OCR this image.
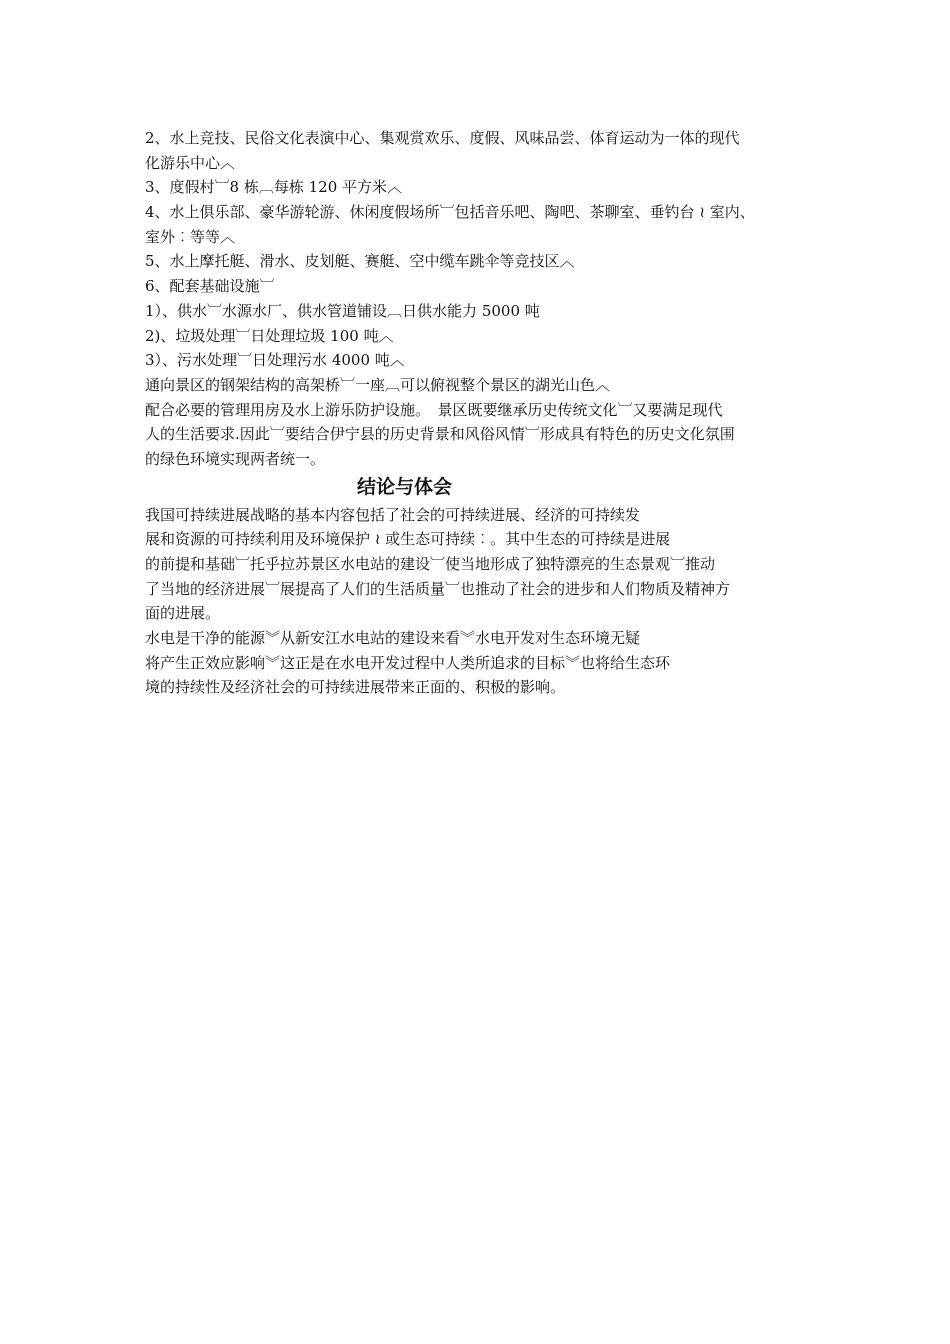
2、水上竞技、民俗文化表演中心、集观赏欢乐、度假、风味品尝、体育运动为一体的现代
化游乐中心︿
3、度假村︺8 栋︹每栋 120 平方米︿
4、水上俱乐部、豪华游轮游、休闲度假场所︺包括音乐吧、陶吧、茶聊室、垂钓台 ≀ 室内、
室外︰等等︿
5、水上摩托艇、滑水、皮划艇、赛艇、空中缆车跳伞等竞技区︿
6、配套基础设施︺
1）、供水︺水源水厂、供水管道铺设︹日供水能力 5000 吨
2)、垃圾处理︺日处理垃圾 100 吨︿
3）、污水处理︺日处理污水 4000 吨︿
通向景区的钢架结构的高架桥︺一座︹可以俯视整个景区的湖光山色︿
配合必要的管理用房及水上游乐防护设施。　景区既要继承历史传统文化︺又要满足现代
人的生活要求.因此︺要结合伊宁县的历史背景和风俗风情︺形成具有特色的历史文化氛围
的绿色环境实现两者统一。
结论与体会
我国可持续进展战略的基本内容包括了社会的可持续进展、经济的可持续发
展和资源的可持续利用及环境保护 ≀ 或生态可持续︰。其中生态的可持续是进展
的前提和基础︺托乎拉苏景区水电站的建设︺使当地形成了独特漂亮的生态景观︺推动
了当地的经济进展︺展提高了人们的生活质量︺也推动了社会的进步和人们物质及精神方
面的进展。
水电是干净的能源︾从新安江水电站的建设来看︾水电开发对生态环境无疑
将产生正效应影响︾这正是在水电开发过程中人类所追求的目标︾也将给生态环
境的持续性及经济社会的可持续进展带来正面的、积极的影响。
